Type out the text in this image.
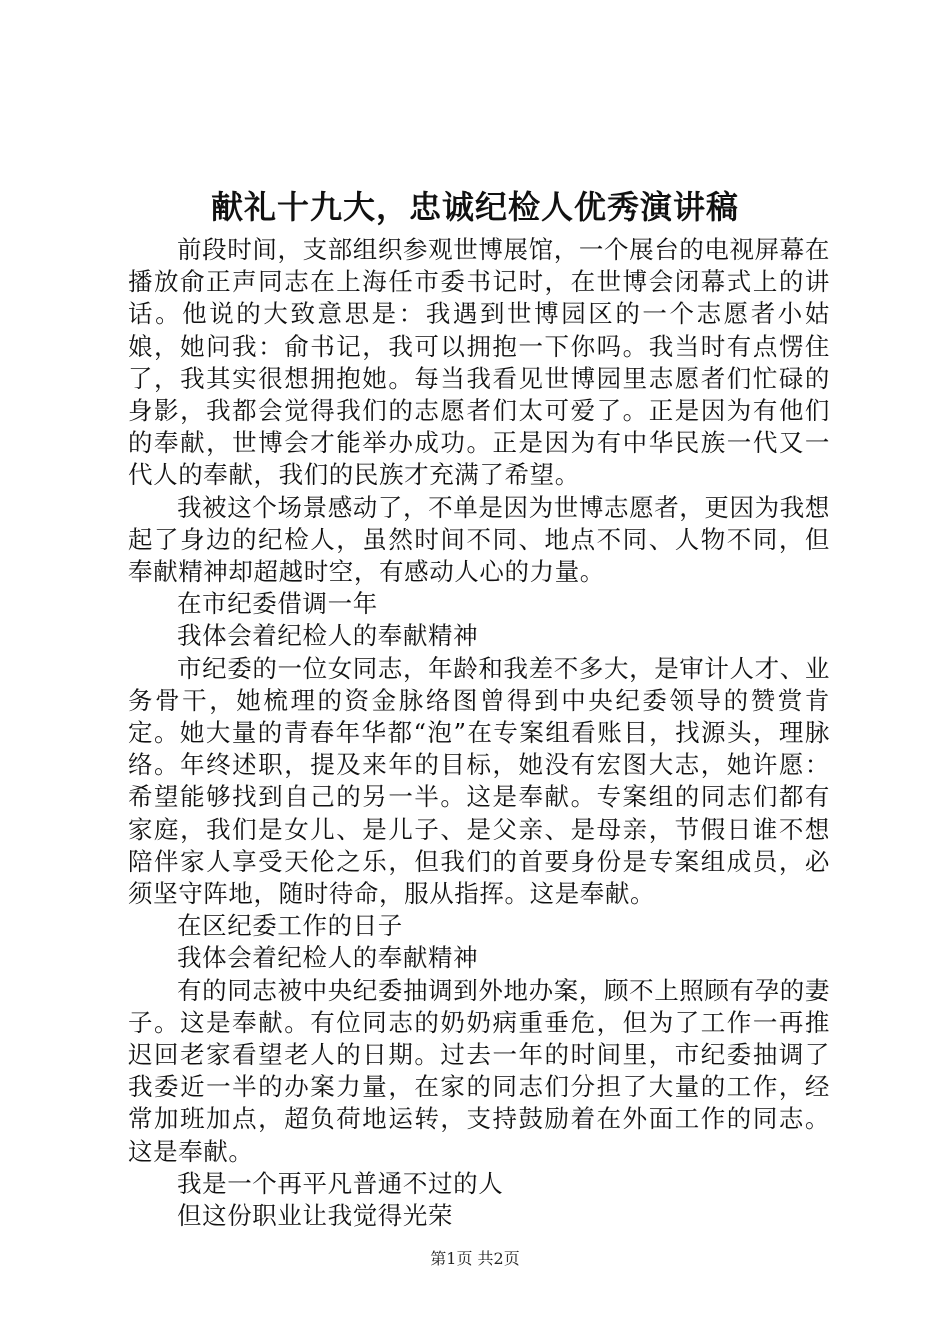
献礼十九大，忠诚纪检人优秀演讲稿

前段时间，支部组织参观世博展馆，一个展台的电视屏幕在播放俞正声同志在上海任市委书记时，在世博会闭幕式上的讲话。他说的大致意思是：我遇到世博园区的一个志愿者小姑娘，她问我：俞书记，我可以拥抱一下你吗。我当时有点愣住了，我其实很想拥抱她。每当我看见世博园里志愿者们忙碌的身影，我都会觉得我们的志愿者们太可爱了。正是因为有他们的奉献，世博会才能举办成功。正是因为有中华民族一代又一代人的奉献，我们的民族才充满了希望。

我被这个场景感动了，不单是因为世博志愿者，更因为我想起了身边的纪检人，虽然时间不同、地点不同、人物不同，但奉献精神却超越时空，有感动人心的力量。

在市纪委借调一年

我体会着纪检人的奉献精神

市纪委的一位女同志，年龄和我差不多大，是审计人才、业务骨干，她梳理的资金脉络图曾得到中央纪委领导的赞赏肯定。她大量的青春年华都“泡”在专案组看账目，找源头，理脉络。年终述职，提及来年的目标，她没有宏图大志，她许愿：希望能够找到自己的另一半。这是奉献。专案组的同志们都有家庭，我们是女儿、是儿子、是父亲、是母亲，节假日谁不想陪伴家人享受天伦之乐，但我们的首要身份是专案组成员，必须坚守阵地，随时待命，服从指挥。这是奉献。

在区纪委工作的日子

我体会着纪检人的奉献精神

有的同志被中央纪委抽调到外地办案，顾不上照顾有孕的妻子。这是奉献。有位同志的奶奶病重垂危，但为了工作一再推迟回老家看望老人的日期。过去一年的时间里，市纪委抽调了我委近一半的办案力量，在家的同志们分担了大量的工作，经常加班加点，超负荷地运转，支持鼓励着在外面工作的同志。这是奉献。

我是一个再平凡普通不过的人

但这份职业让我觉得光荣

第1页 共2页
